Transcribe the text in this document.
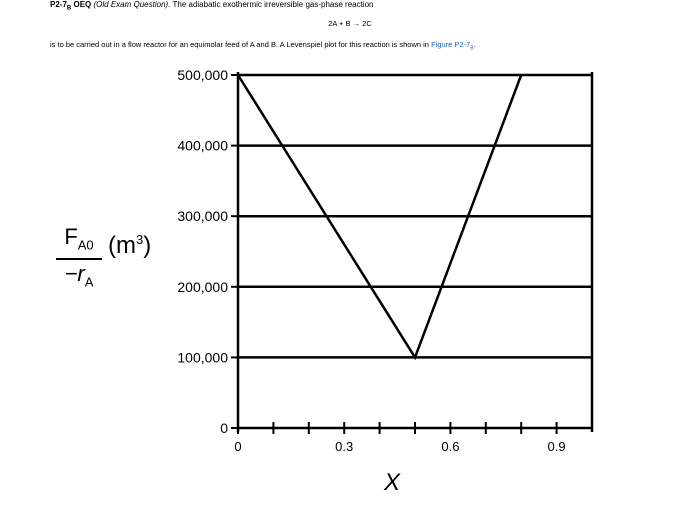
$P2-7_B$ OEQ (Old Exam Question). The adiabatic exothermic irreversible gas-phase reaction
2A + B → 2C
is to be carried out in a flow reactor for an equimolar feed of A and B. A Levenspiel plot for this reaction is shown in Figure $P2-7_B$.
$F_{A0}$
$-r_A$
$(m^3)$
0
100,000
200,000
300,000
400,000
500,000
0	0.3	0.6	0.9
X
